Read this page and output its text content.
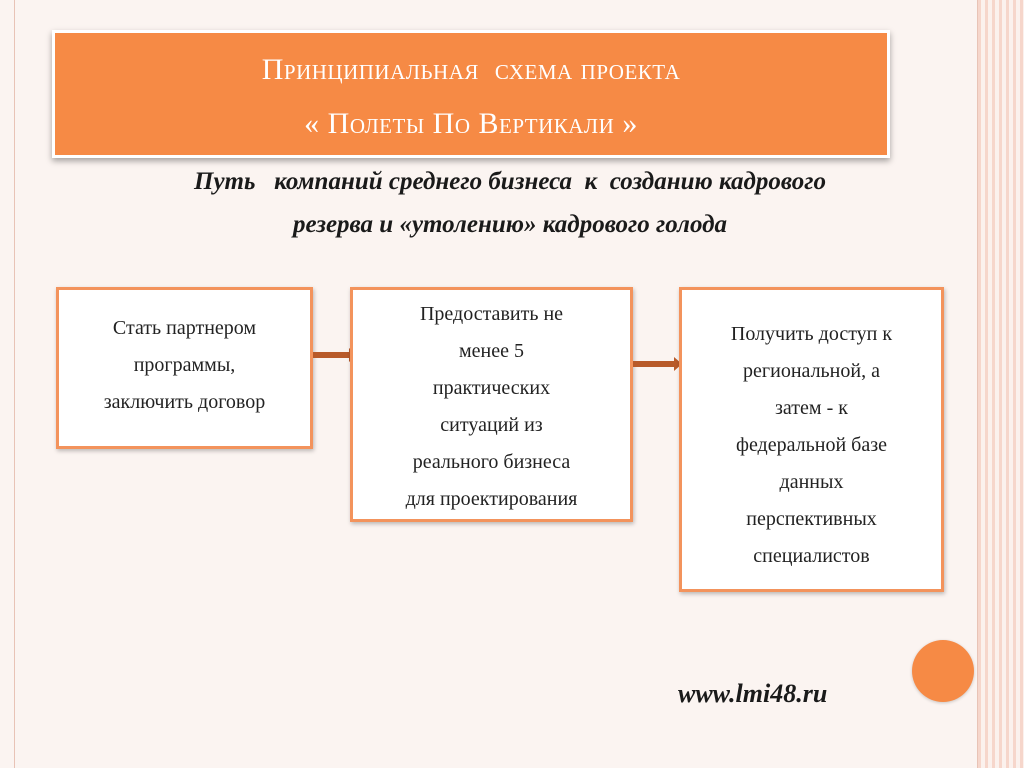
Принципиальная  схема проекта
« Полеты По Вертикали »
Путь   компаний среднего бизнеса  к  созданию кадрового
резерва и «утолению» кадрового голода
Стать партнером
программы,
заключить договор
Предоставить не
менее 5
практических
ситуаций из
реального бизнеса
для проектирования
Получить доступ к
региональной, а
затем - к
федеральной базе
данных
перспективных
специалистов
www.lmi48.ru
